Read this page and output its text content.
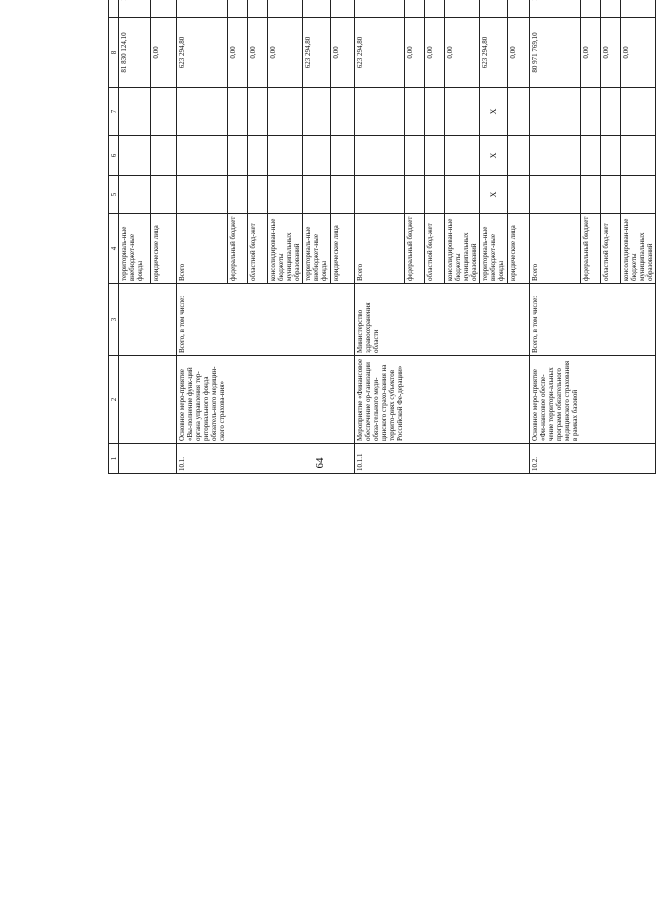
64
1	2	3	4	5	6	7	8					
			территориаль-ные внебюджет-ные фонды				81 830 124,10					
			юридические лица				0,00					
10.1.	Основное меро-приятие «Вы-полнение функ-ций органа управления тер-риториального фонда обязатель-ного медицин-ского страхова-ния»	Всего, в том числе:	Всего				623 294,80					
			федеральный бюджет				0,00					
			областной бюд-жет				0,00					
			консолидирован-ные бюджеты муниципальных образований				0,00					
			территориаль-ные внебюджет-ные фонды				623 294,80					
			юридические лица				0,00					
10.1.1	Мероприятие «Финансовое обеспечение ор-ганизации обяза-тельного меди-цинского страхо-вания на террито-риях субъектов Российской Фе-дерации»	Министерство здравоохранения области	Всего				623 294,80					
			федеральный бюджет				0,00					
			областной бюд-жет				0,00					
			консолидирован-ные бюджеты муниципальных образований				0,00					
			территориаль-ные внебюджет-ные фонды	X	X	X	623 294,80					
			юридические лица				0,00					
10.2.	Основное меро-приятие «Фи-нансовое обеспе-чение территори-альных программ обязательного медицинского страхования в рамках базовой	Всего, в том числе:	Всего				80 971 769,10					
			федеральный бюджет				0,00					
			областной бюд-жет				0,00					
			консолидирован-ные бюджеты муниципальных образований				0,00					
